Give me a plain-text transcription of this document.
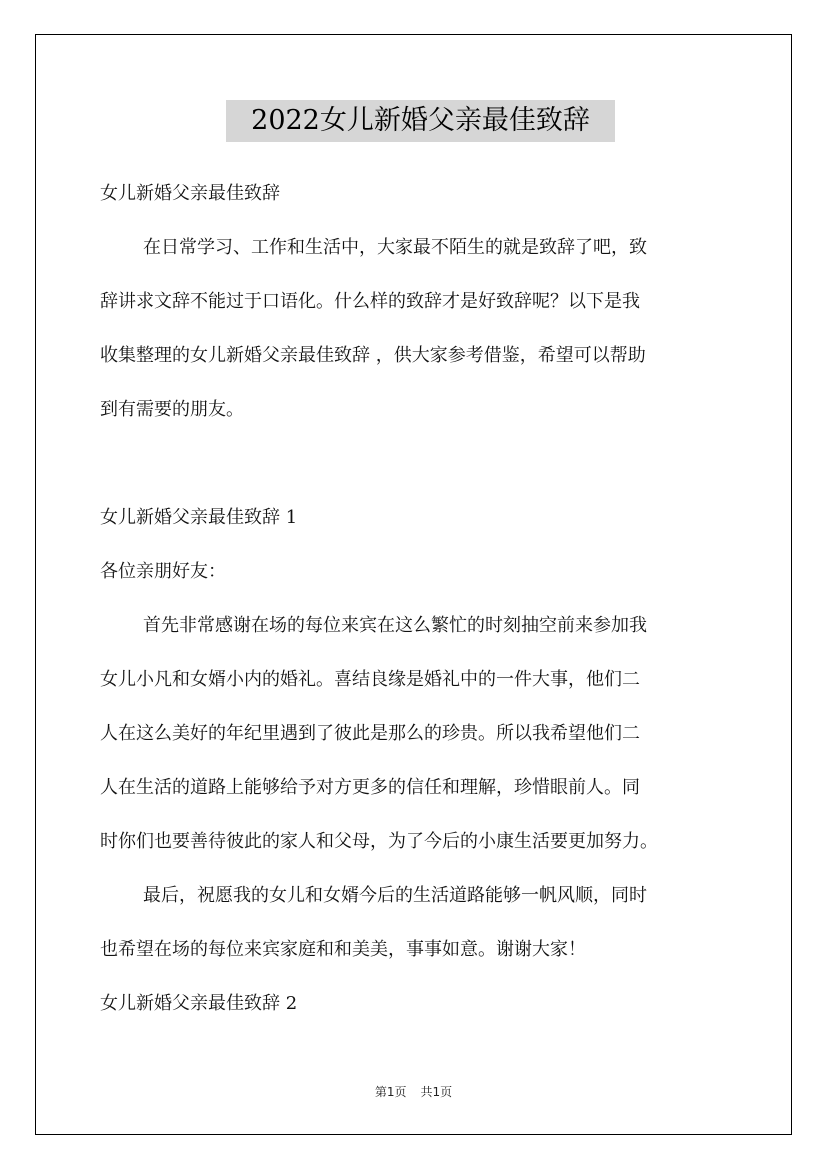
2022女儿新婚父亲最佳致辞
女儿新婚父亲最佳致辞
在日常学习、工作和生活中，大家最不陌生的就是致辞了吧，致
辞讲求文辞不能过于口语化。什么样的致辞才是好致辞呢？以下是我
收集整理的女儿新婚父亲最佳致辞 ，供大家参考借鉴，希望可以帮助
到有需要的朋友。
女儿新婚父亲最佳致辞 1
各位亲朋好友：
首先非常感谢在场的每位来宾在这么繁忙的时刻抽空前来参加我
女儿小凡和女婿小内的婚礼。喜结良缘是婚礼中的一件大事，他们二
人在这么美好的年纪里遇到了彼此是那么的珍贵。所以我希望他们二
人在生活的道路上能够给予对方更多的信任和理解，珍惜眼前人。同
时你们也要善待彼此的家人和父母，为了今后的小康生活要更加努力。
最后，祝愿我的女儿和女婿今后的生活道路能够一帆风顺，同时
也希望在场的每位来宾家庭和和美美，事事如意。谢谢大家！
女儿新婚父亲最佳致辞 2
第1页 共1页
